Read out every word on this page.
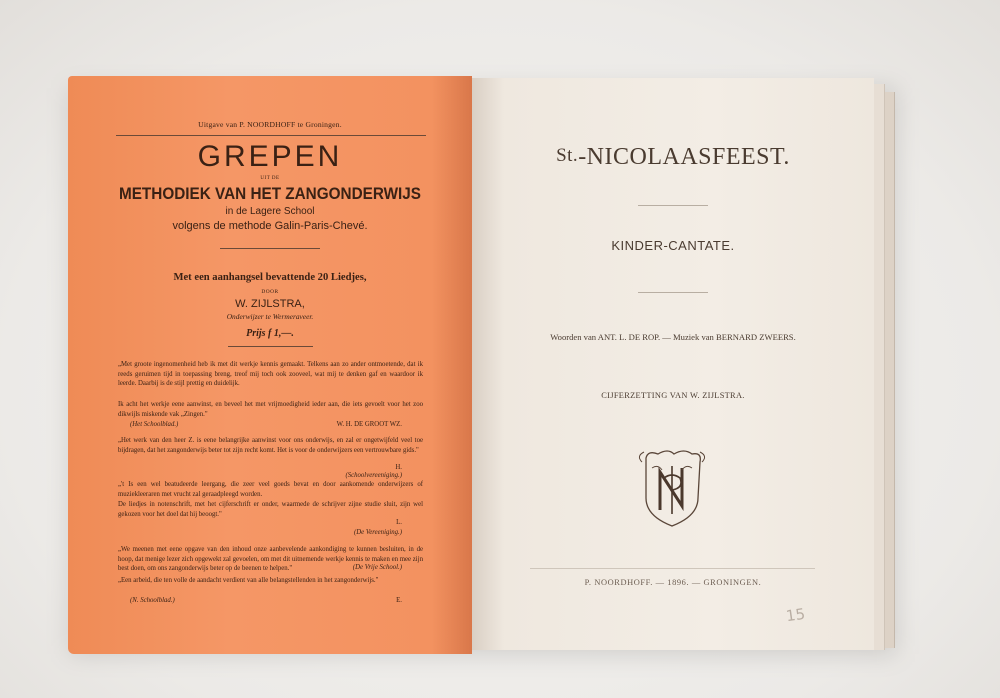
Uitgave van P. NOORDHOFF te Groningen.
GREPEN
UIT DE
METHODIEK VAN HET ZANGONDERWIJS
in de Lagere School
volgens de methode Galin-Paris-Chevé.
Met een aanhangsel bevattende 20 Liedjes,
DOOR
W. ZIJLSTRA,
Onderwijzer te Wermeraveer.
Prijs f 1,—.
„Met groote ingenomenheid heb ik met dit werkje kennis gemaakt. Telkens aan zo ander ontmoetende, dat ik reeds geruimen tijd in toepassing breng, treof mij toch ook zooveel, wat mij te denken gaf en waardoor ik leerde. Daarbij is de stijl prettig en duidelijk.
Ik acht het werkje eene aanwinst, en beveel het met vrijmoedigheid ieder aan, die iets gevoelt voor het zoo dikwijls miskende vak „Zingen."
(Het Schoolblad.)	W. H. DE GROOT WZ.
„Het werk van den heer Z. is eene belangrijke aanwinst voor ons onderwijs, en zal er ongetwijfeld veel toe bijdragen, dat het zangonderwijs beter tot zijn recht komt. Het is voor de onderwijzers een vertrouwbare gids."
(Schoolvereeniging.)
H.
„'t Is een wel beatudeerde leergang, die zeer veel goeds bevat en door aankomende onderwijzers of muziekleeraren met vrucht zal geraadpleegd worden.
De liedjes in notenschrift, met het cijferschrift er onder, waarmede de schrijver zijne studie sluit, zijn wel gekozen voor het doel dat hij beoogt."
L.
(De Vereeniging.)
„We meenen met eene opgave van den inhoud onze aanbevelende aankondiging te kunnen besluiten, in de hoop, dat menige lezer zich opgewekt zal gevoelen, om met dit uitnemende werkje kennis te maken en mee zijn best doen, om ons zangonderwijs beter op de beenen te helpen."	(De Vrije School.)
„Een arbeid, die ten volle de aandacht verdient van alle belangstellenden in het zangonderwijs."
(N. Schoolblad.)	E.
St.-NICOLAASFEEST.
KINDER-CANTATE.
Woorden van ANT. L. DE ROP. — Muziek van BERNARD ZWEERS.
CIJFERZETTING VAN W. ZIJLSTRA.
P. NOORDHOFF. — 1896. — GRONINGEN.
15
